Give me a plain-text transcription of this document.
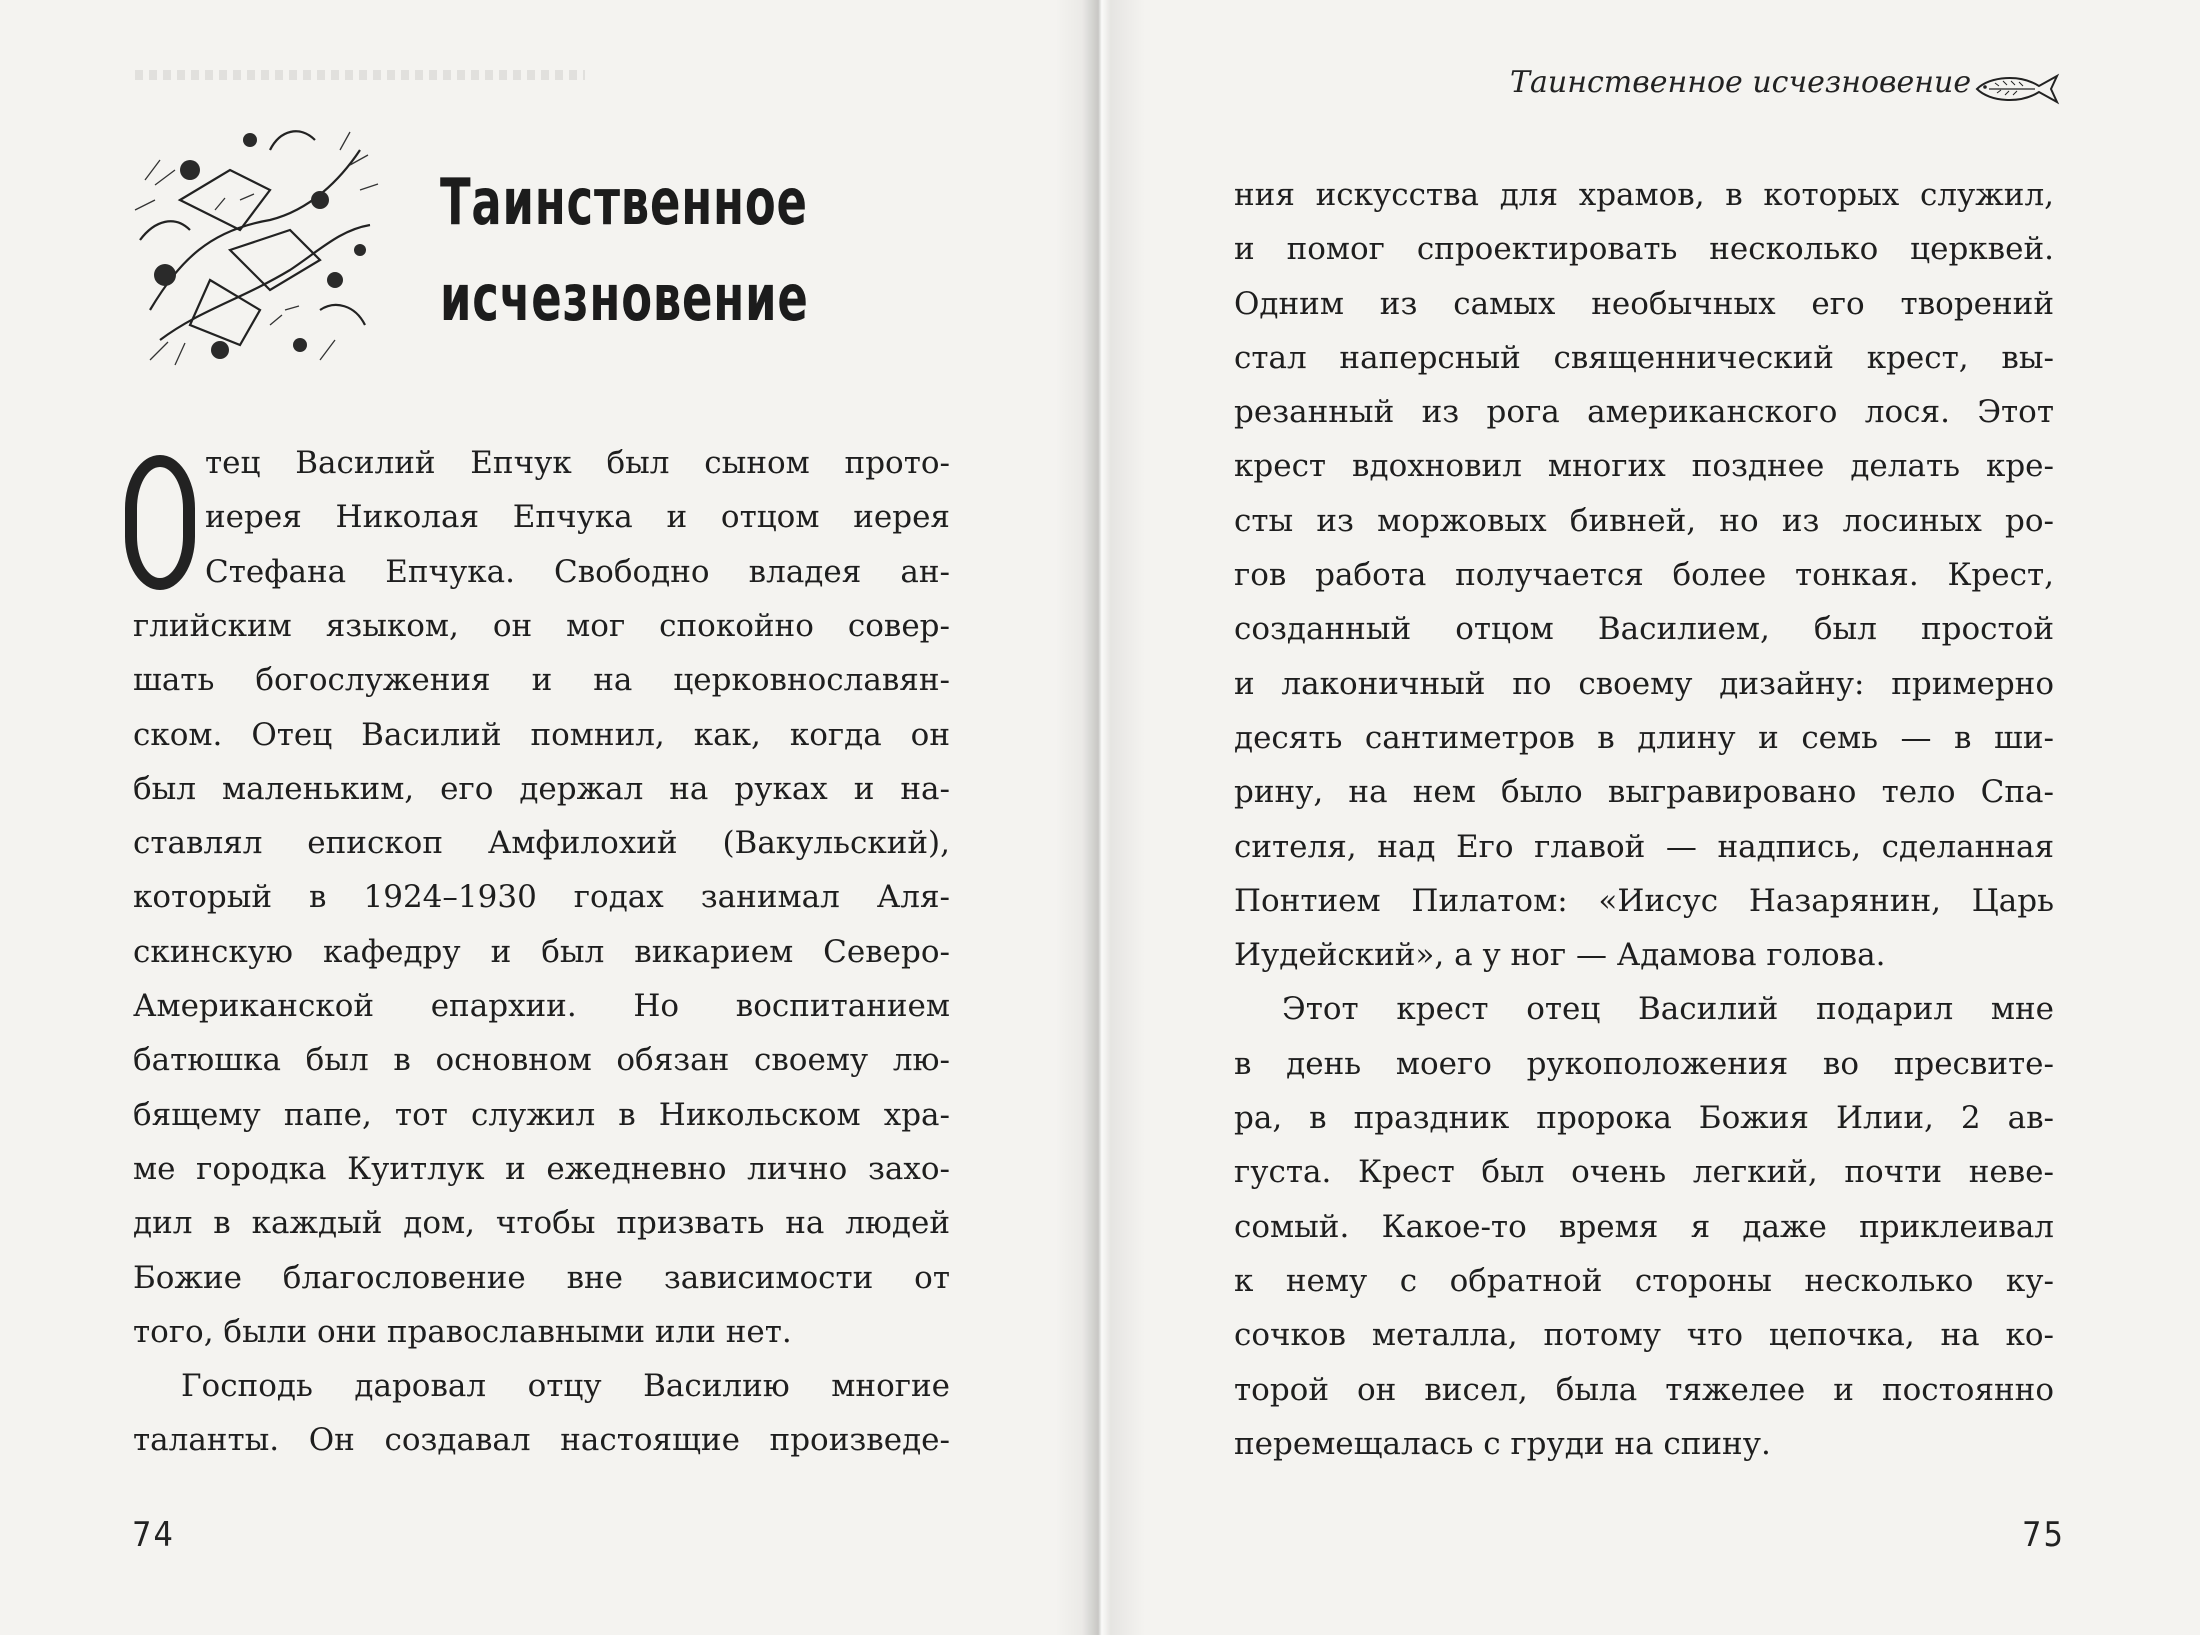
Таинственное
исчезновение
тец Василий Епчук был сыном прото-
иерея Николая Епчука и отцом иерея
Стефана Епчука. Свободно владея ан-
глийским языком, он мог спокойно совер-
шать богослужения и на церковнославян-
ском. Отец Василий помнил, как, когда он
был маленьким, его держал на руках и на-
ставлял епископ Амфилохий (Вакульский),
который в 1924–1930 годах занимал Аля-
скинскую кафедру и был викарием Северо-
Американской епархии. Но воспитанием
батюшка был в основном обязан своему лю-
бящему папе, тот служил в Никольском хра-
ме городка Куитлук и ежедневно лично захо-
дил в каждый дом, чтобы призвать на людей
Божие благословение вне зависимости от
того, были они православными или нет.
Господь даровал отцу Василию многие
таланты. Он создавал настоящие произведе-
74
Таинственное исчезновение
ния искусства для храмов, в которых служил,
и помог спроектировать несколько церквей.
Одним из самых необычных его творений
стал наперсный священнический крест, вы-
резанный из рога американского лося. Этот
крест вдохновил многих позднее делать кре-
сты из моржовых бивней, но из лосиных ро-
гов работа получается более тонкая. Крест,
созданный отцом Василием, был простой
и лаконичный по своему дизайну: примерно
десять сантиметров в длину и семь — в ши-
рину, на нем было выгравировано тело Спа-
сителя, над Его главой — надпись, сделанная
Понтием Пилатом: «Иисус Назарянин, Царь
Иудейский», а у ног — Адамова голова.
Этот крест отец Василий подарил мне
в день моего рукоположения во пресвите-
ра, в праздник пророка Божия Илии, 2 ав-
густа. Крест был очень легкий, почти неве-
сомый. Какое-то время я даже приклеивал
к нему с обратной стороны несколько ку-
сочков металла, потому что цепочка, на ко-
торой он висел, была тяжелее и постоянно
перемещалась с груди на спину.
75
